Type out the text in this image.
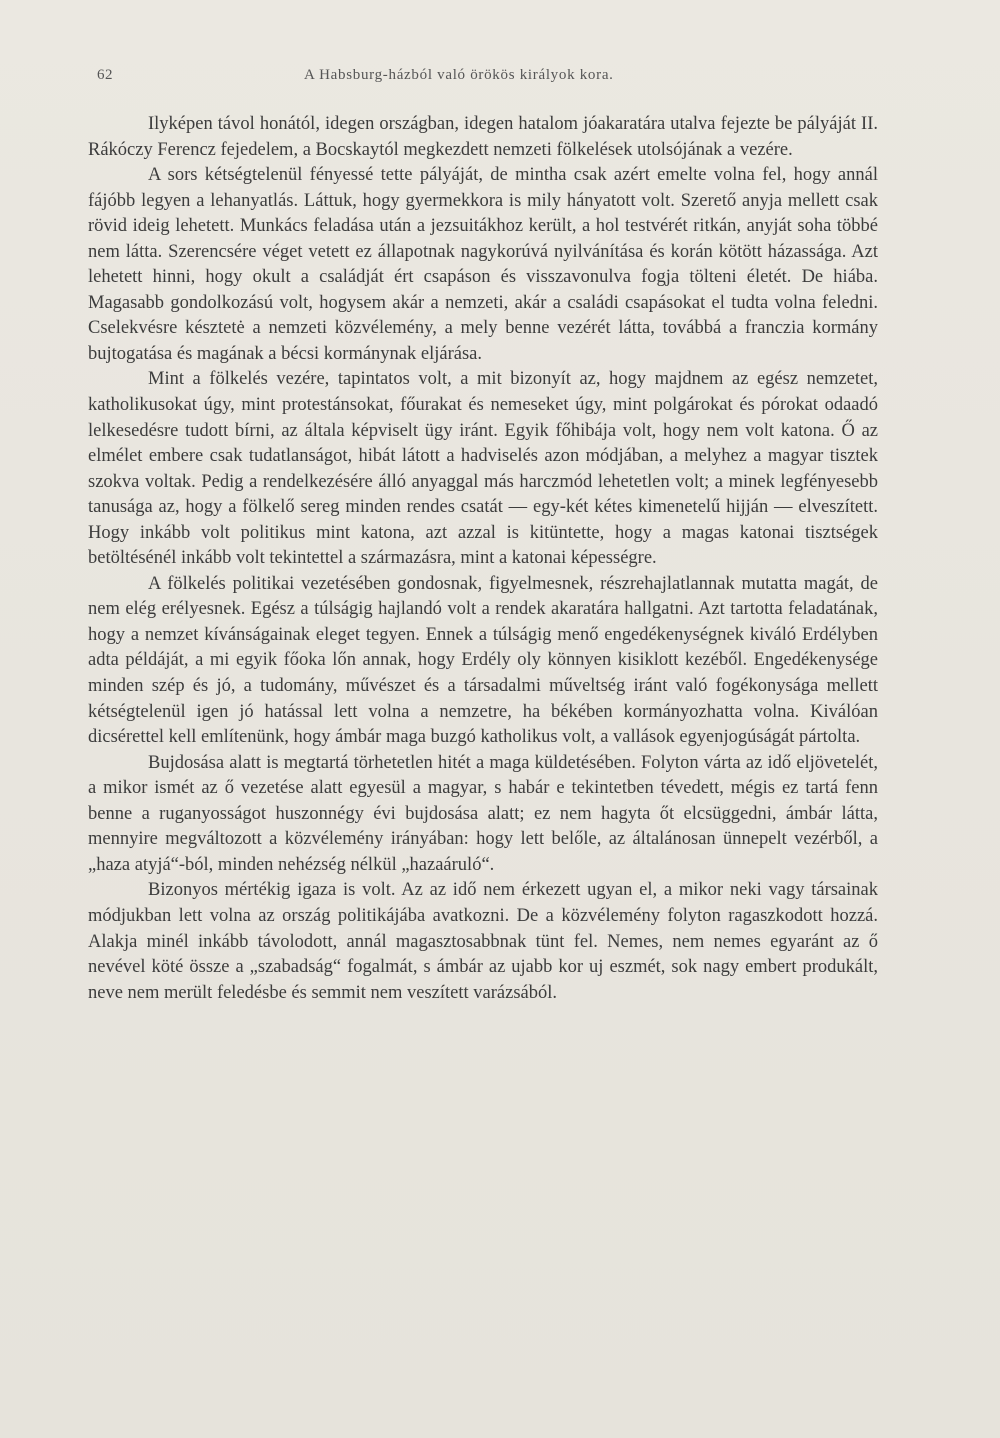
62	A Habsburg-házból való örökös királyok kora.

Ilyképen távol honától, idegen országban, idegen hatalom jóakaratára utalva fejezte be pályáját II. Rákóczy Ferencz fejedelem, a Bocskaytól megkezdett nemzeti fölkelések utolsójának a vezére.

A sors kétségtelenül fényessé tette pályáját, de mintha csak azért emelte volna fel, hogy annál fájóbb legyen a lehanyatlás. Láttuk, hogy gyermekkora is mily hányatott volt. Szerető anyja mellett csak rövid ideig lehetett. Munkács feladása után a jezsuitákhoz került, a hol testvérét ritkán, anyját soha többé nem látta. Szerencsére véget vetett ez állapotnak nagykorúvá nyilvánítása és korán kötött házassága. Azt lehetett hinni, hogy okult a családját ért csapáson és visszavonulva fogja tölteni életét. De hiába. Magasabb gondolkozású volt, hogysem akár a nemzeti, akár a családi csapásokat el tudta volna feledni. Cselekvésre késztetė a nemzeti közvélemény, a mely benne vezérét látta, továbbá a franczia kormány bujtogatása és magának a bécsi kormánynak eljárása.

Mint a fölkelés vezére, tapintatos volt, a mit bizonyít az, hogy majdnem az egész nemzetet, katholikusokat úgy, mint protestánsokat, főurakat és nemeseket úgy, mint polgárokat és pórokat odaadó lelkesedésre tudott bírni, az általa képviselt ügy iránt. Egyik főhibája volt, hogy nem volt katona. Ő az elmélet embere csak tudatlanságot, hibát látott a hadviselés azon módjában, a melyhez a magyar tisztek szokva voltak. Pedig a rendelkezésére álló anyaggal más harczmód lehetetlen volt; a minek legfényesebb tanusága az, hogy a fölkelő sereg minden rendes csatát — egy-két kétes kimenetelű hijján — elveszített. Hogy inkább volt politikus mint katona, azt azzal is kitüntette, hogy a magas katonai tisztségek betöltésénél inkább volt tekintettel a származásra, mint a katonai képességre.

A fölkelés politikai vezetésében gondosnak, figyelmesnek, részrehajlatlannak mutatta magát, de nem elég erélyesnek. Egész a túlságig hajlandó volt a rendek akaratára hallgatni. Azt tartotta feladatának, hogy a nemzet kívánságainak eleget tegyen. Ennek a túlságig menő engedékenységnek kiváló Erdélyben adta példáját, a mi egyik főoka lőn annak, hogy Erdély oly könnyen kisiklott kezéből. Engedékenysége minden szép és jó, a tudomány, művészet és a társadalmi műveltség iránt való fogékonysága mellett kétségtelenül igen jó hatással lett volna a nemzetre, ha békében kormányozhatta volna. Kiválóan dicsérettel kell említenünk, hogy ámbár maga buzgó katholikus volt, a vallások egyenjogúságát pártolta.

Bujdosása alatt is megtartá törhetetlen hitét a maga küldetésében. Folyton várta az idő eljövetelét, a mikor ismét az ő vezetése alatt egyesül a magyar, s habár e tekintetben tévedett, mégis ez tartá fenn benne a ruganyosságot huszonnégy évi bujdosása alatt; ez nem hagyta őt elcsüggedni, ámbár látta, mennyire megváltozott a közvélemény irányában: hogy lett belőle, az általánosan ünnepelt vezérből, a „haza atyjá“-ból, minden nehézség nélkül „hazaáruló“.

Bizonyos mértékig igaza is volt. Az az idő nem érkezett ugyan el, a mikor neki vagy társainak módjukban lett volna az ország politikájába avatkozni. De a közvélemény folyton ragaszkodott hozzá. Alakja minél inkább távolodott, annál magasztosabbnak tünt fel. Nemes, nem nemes egyaránt az ő nevével köté össze a „szabadság“ fogalmát, s ámbár az ujabb kor uj eszmét, sok nagy embert produkált, neve nem merült feledésbe és semmit nem veszített varázsából.
